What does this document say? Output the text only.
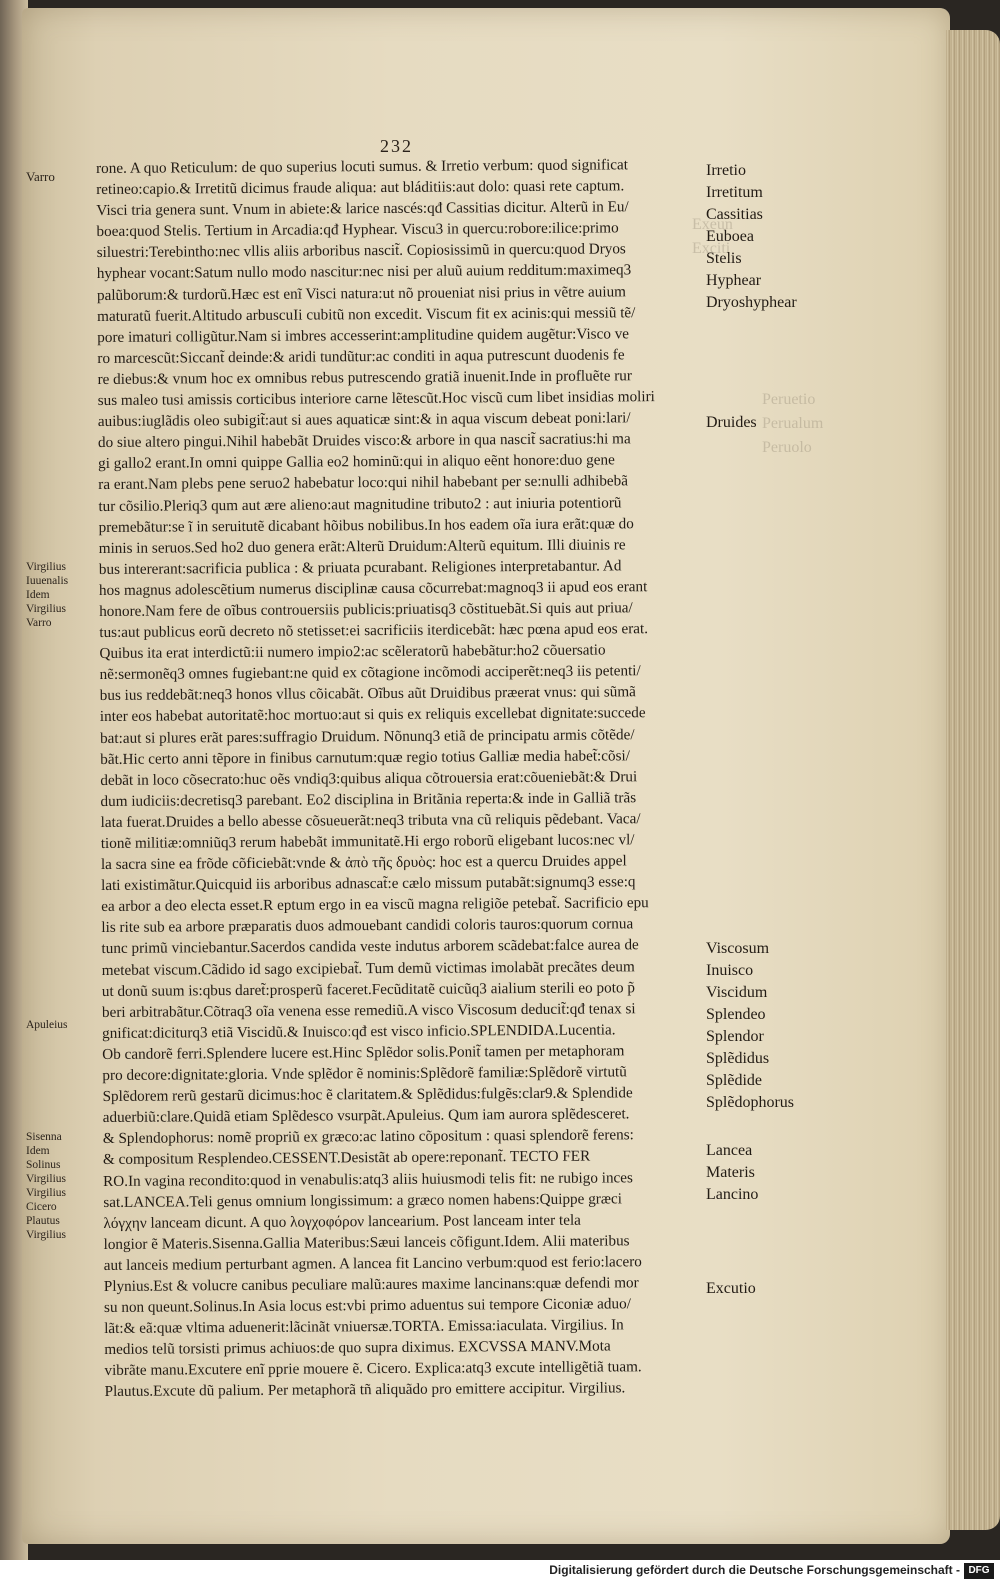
Exeun
Exciti
Peruetio
Perualum
Peruolo
232
rone. A quo Reticulum: de quo superius locuti sumus. & Irretio verbum: quod significat
retineo:capio.& Irretitũ dicimus fraude aliqua: aut bláditiis:aut dolo: quasi rete captum.
Visci tria genera sunt. Vnum in abiete:& larice nascés:qđ Cassitias dicitur. Alterũ in Eu/
boea:quod Stelis. Tertium in Arcadia:qđ Hyphear. Viscu3 in quercu:robore:ilice:primo
siluestri:Terebintho:nec vllis aliis arboribus nascit̃. Copiosissimũ in quercu:quod Dryos
hyphear vocant:Satum nullo modo nascitur:nec nisi per aluũ auium redditum:maximeq3
palũborum:& turdorũ.Hæc est enĩ Visci natura:ut nõ proueniat nisi prius in vẽtre auium
maturatũ fuerit.Altitudo arbuscuIi cubitũ non excedit. Viscum fit ex acinis:qui messiũ tẽ/
pore imaturi colligũtur.Nam si imbres accesserint:amplitudine quidem augẽtur:Visco ve
ro marcescũt:Siccant̃ deinde:& aridi tundũtur:ac conditi in aqua putrescunt duodenis fe
re diebus:& vnum hoc ex omnibus rebus putrescendo gratiã inuenit.Inde in profluẽte rur
sus maleo tusi amissis corticibus interiore carne lẽtescũt.Hoc viscũ cum libet insidias moliri
auibus:iuglãdis oleo subigit̃:aut si aues aquaticæ sint:& in aqua viscum debeat poni:lari/
do siue altero pingui.Nihil habebãt Druides visco:& arbore in qua nascit̃ sacratius:hi ma
gi gallo2 erant.In omni quippe Gallia eo2 hominũ:qui in aliquo eẽnt honore:duo gene
ra erant.Nam plebs pene seruo2 habebatur loco:qui nihil habebant per se:nulli adhibebã
tur cõsilio.Pleriq3 qum aut ære alieno:aut magnitudine tributo2 : aut iniuria potentiorũ
premebãtur:se ĩ in seruitutẽ dicabant hõibus nobilibus.In hos eadem oĩa iura erãt:quæ do
minis in seruos.Sed ho2 duo genera erãt:Alterũ Druidum:Alterũ equitum. Illi diuinis re
bus intererant:sacrificia publica : & priuata pcurabant. Religiones interpretabantur. Ad
hos magnus adolescẽtium numerus disciplinæ causa cõcurrebat:magnoq3 ii apud eos erant
honore.Nam fere de oĩbus controuersiis publicis:priuatisq3 cõstituebãt.Si quis aut priua/
tus:aut publicus eorũ decreto nõ stetisset:ei sacrificiis iterdicebãt: hæc pœna apud eos erat.
Quibus ita erat interdictũ:ii numero impio2:ac scẽleratorũ habebãtur:ho2 cõuersatio
nẽ:sermonẽq3 omnes fugiebant:ne quid ex cõtagione incõmodi acciperẽt:neq3 iis petenti/
bus ius reddebãt:neq3 honos vllus cõicabãt. Oĩbus aũt Druidibus præerat vnus: qui sũmã
inter eos habebat autoritatẽ:hoc mortuo:aut si quis ex reliquis excellebat dignitate:succede
bat:aut si plures erãt pares:suffragio Druidum. Nõnunq3 etiã de principatu armis cõtẽde/
bãt.Hic certo anni tẽpore in finibus carnutum:quæ regio totius Galliæ media habet̃:cõsi/
debãt in loco cõsecrato:huc oẽs vndiq3:quibus aliqua cõtrouersia erat:cõueniebãt:& Drui
dum iudiciis:decretisq3 parebant. Eo2 disciplina in Britãnia reperta:& inde in Galliã trãs
lata fuerat.Druides a bello abesse cõsueuerãt:neq3 tributa vna cũ reliquis pẽdebant. Vaca/
tionẽ militiæ:omniũq3 rerum habebãt immunitatẽ.Hi ergo roborũ eligebant lucos:nec vl/
la sacra sine ea frõde cõficiebãt:vnde & ἀπὸ τῆς δρυὸς: hoc est a quercu Druides appel
lati existimãtur.Quicquid iis arboribus adnascat̃:e cælo missum putabãt:signumq3 esse:q
ea arbor a deo electa esset.R eptum ergo in ea viscũ magna religiõe petebat̃. Sacrificio epu
lis rite sub ea arbore præparatis duos admouebant candidi coloris tauros:quorum cornua
tunc primũ vinciebantur.Sacerdos candida veste indutus arborem scãdebat:falce aurea de
metebat viscum.Cãdido id sago excipiebat̃. Tum demũ victimas imolabãt precãtes deum
ut donũ suum is:qbus daret̃:prosperũ faceret.Fecũditatẽ cuicũq3 aialium sterili eo poto p̃
beri arbitrabãtur.Cõtraq3 oĩa venena esse remediũ.A visco Viscosum deducit̃:qđ tenax si
gnificat:diciturq3 etiã Viscidũ.& Inuiscoːqđ est visco inficio.SPLENDIDA.Lucentia.
Ob candorẽ ferri.Splendere lucere est.Hinc Splẽdor solis.Ponit̃ tamen per metaphoram
pro decore:dignitate:gloria. Vnde splẽdor ẽ nominis:Splẽdorẽ familiæ:Splẽdorẽ virtutũ
Splẽdorem rerũ gestarũ dicimus:hoc ẽ claritatem.& Splẽdidus:fulgẽs:clar9.& Splendide
aduerbiũ:clare.Quidã etiam Splẽdesco vsurpãt.Apuleius. Qum iam aurora splẽdesceret.
& Splendophorus: nomẽ propriũ ex græco:ac latino cõpositum : quasi splendorẽ ferens:
& compositum Resplendeo.CESSENT.Desistãt ab opere:reponant̃. TECTO FER
RO.In vagina recondito:quod in venabulis:atq3 aliis huiusmodi telis fit: ne rubigo inces
sat.LANCEA.Teli genus omnium longissimum: a græco nomen habens:Quippe græci
λόγχην lanceam dicunt. A quo λογχοφόρον lancearium. Post lanceam inter tela
longior ẽ Materis.Sisenna.Gallia Materibus:Sæui lanceis cõfigunt.Idem. Alii materibus
aut lanceis medium perturbant agmen. A lancea fit Lancino verbum:quod est ferio:lacero
Plynius.Est & volucre canibus peculiare malũ:aures maxime lancinans:quæ defendi mor
su non queunt.Solinus.In Asia locus est:vbi primo aduentus sui tempore Ciconiæ aduo/
lãt:& eã:quæ vltima aduenerit:lãcinãt vniuersæ.TORTA. Emissa:iaculata. Virgilius. In
medios telũ torsisti primus achiuos:de quo supra diximus. EXCVSSA MANV.Mota
vibrãte manu.Excutere enĩ pprie mouere ẽ. Cicero. Explica:atq3 excute intelligẽtiã tuam.
Plautus.Excute dũ palium. Per metaphorã tñ aliquãdo pro emittere accipitur. Virgilius.
Irretio
Irretitum
Cassitias
Euboea
Stelis
Hyphear
Dryoshyphear
Druides
Viscosum
Inuisco
Viscidum
Splendeo
Splendor
Splẽdidus
Splẽdide
Splẽdophorus
Lancea
Materis
Lancino
Excutio
Varro
Virgilius
Iuuenalis
Idem
Virgilius
Varro
Apuleius
Sisenna
Idem
Solinus
Virgilius
Virgilius
Cicero
Plautus
Virgilius
Digitalisierung gefördert durch die Deutsche Forschungsgemeinschaft - DFG
